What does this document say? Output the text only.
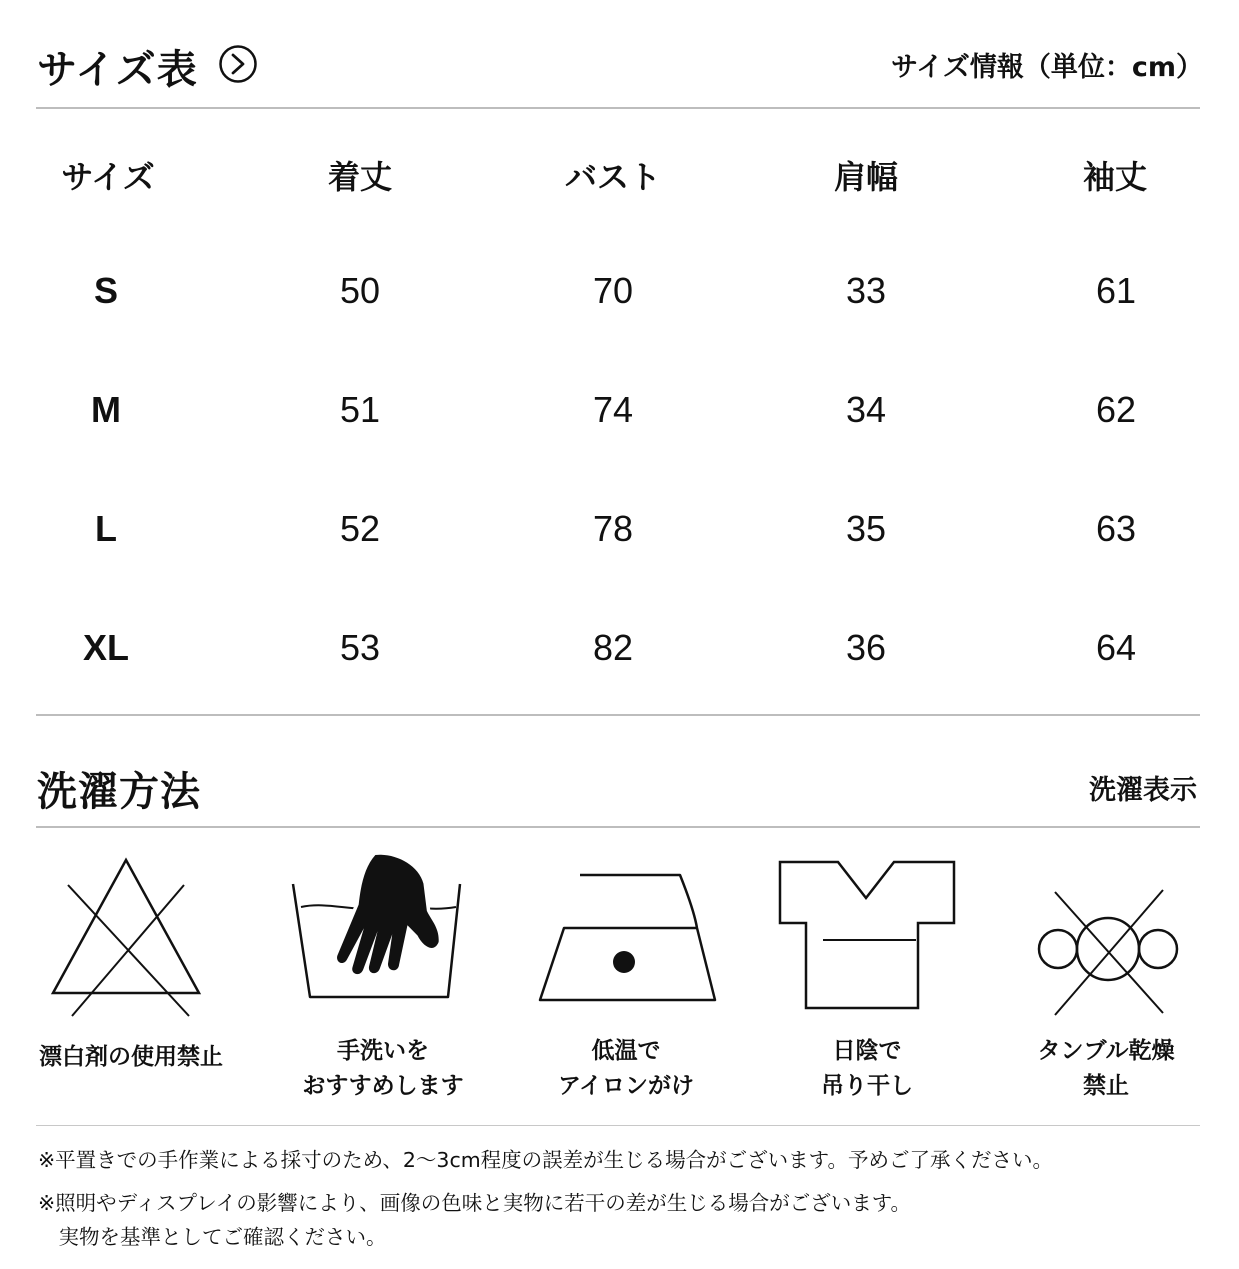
サイズ表	サイズ情報（単位：cm）
サイズ	着丈	バスト	肩幅	袖丈
S	50	70	33	61
M	51	74	34	62
L	52	78	35	63
XL	53	82	36	64
洗濯方法	洗濯表示
漂白剤の使用禁止	手洗いを
おすすめします
低温で
アイロンがけ
日陰で
吊り干し
タンブル乾燥
禁止
※平置きでの手作業による採寸のため、2〜3cm程度の誤差が生じる場合がございます。予めご了承ください。
※照明やディスプレイの影響により、画像の色味と実物に若干の差が生じる場合がございます。
　実物を基準としてご確認ください。
